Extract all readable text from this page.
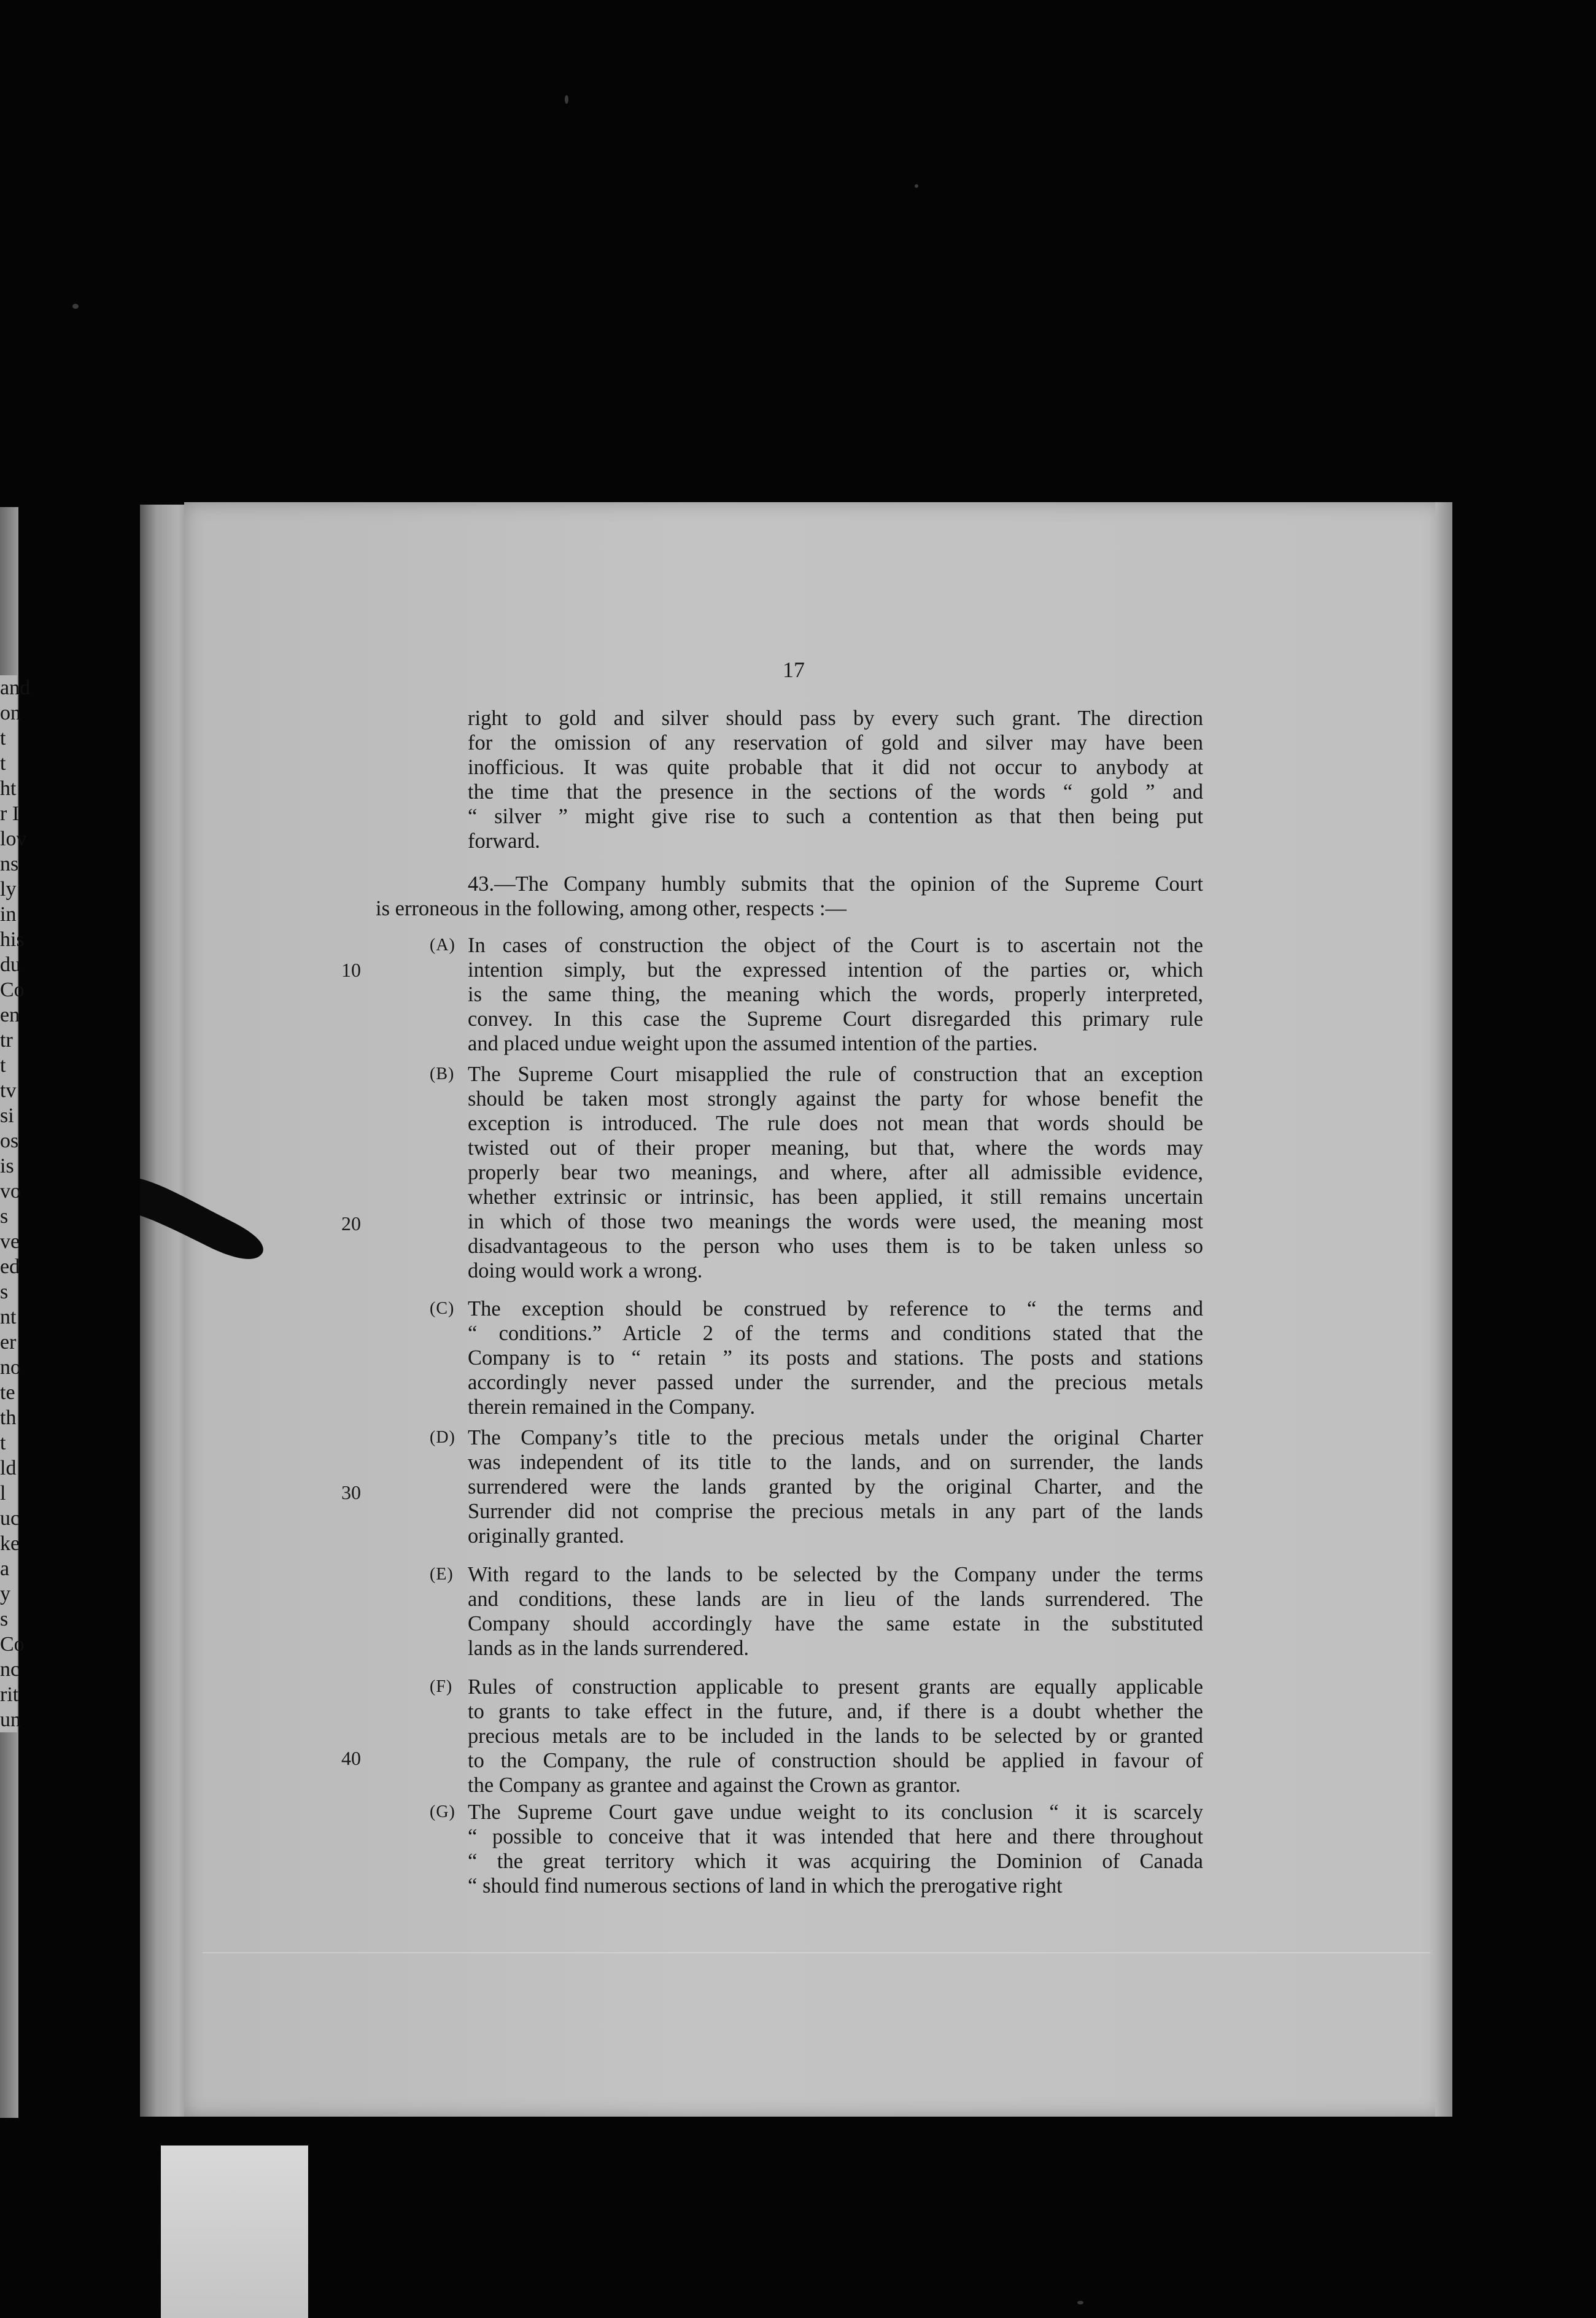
and
on
t
t
ht
r I
lov
ns
ly
in
his
du
Co
en
tr
t
tv
si
os
is
vo
s
ve
ed
s
nt
er
no
te
th
t
ld
l
uc
ke
a
y
s
Co
nc
rit
un
17
right to gold and silver should pass by every such grant. The direction
for the omission of any reservation of gold and silver may have been
inofficious. It was quite probable that it did not occur to anybody at
the time that the presence in the sections of the words “ gold ” and
“ silver ” might give rise to such a contention as that then being put
forward.
43.—The Company humbly submits that the opinion of the Supreme Court
is erroneous in the following, among other, respects :—
(A) In cases of construction the object of the Court is to ascertain not the
intention simply, but the expressed intention of the parties or, which
is the same thing, the meaning which the words, properly interpreted,
convey. In this case the Supreme Court disregarded this primary rule
and placed undue weight upon the assumed intention of the parties.
(B) The Supreme Court misapplied the rule of construction that an exception
should be taken most strongly against the party for whose benefit the
exception is introduced. The rule does not mean that words should be
twisted out of their proper meaning, but that, where the words may
properly bear two meanings, and where, after all admissible evidence,
whether extrinsic or intrinsic, has been applied, it still remains uncertain
in which of those two meanings the words were used, the meaning most
disadvantageous to the person who uses them is to be taken unless so
doing would work a wrong.
(C) The exception should be construed by reference to “ the terms and
“ conditions.” Article 2 of the terms and conditions stated that the
Company is to “ retain ” its posts and stations. The posts and stations
accordingly never passed under the surrender, and the precious metals
therein remained in the Company.
(D) The Company’s title to the precious metals under the original Charter
was independent of its title to the lands, and on surrender, the lands
surrendered were the lands granted by the original Charter, and the
Surrender did not comprise the precious metals in any part of the lands
originally granted.
(E) With regard to the lands to be selected by the Company under the terms
and conditions, these lands are in lieu of the lands surrendered. The
Company should accordingly have the same estate in the substituted
lands as in the lands surrendered.
(F) Rules of construction applicable to present grants are equally applicable
to grants to take effect in the future, and, if there is a doubt whether the
precious metals are to be included in the lands to be selected by or granted
to the Company, the rule of construction should be applied in favour of
the Company as grantee and against the Crown as grantor.
(G) The Supreme Court gave undue weight to its conclusion “ it is scarcely
“ possible to conceive that it was intended that here and there throughout
“ the great territory which it was acquiring the Dominion of Canada
“ should find numerous sections of land in which the prerogative right
10
20
30
40
